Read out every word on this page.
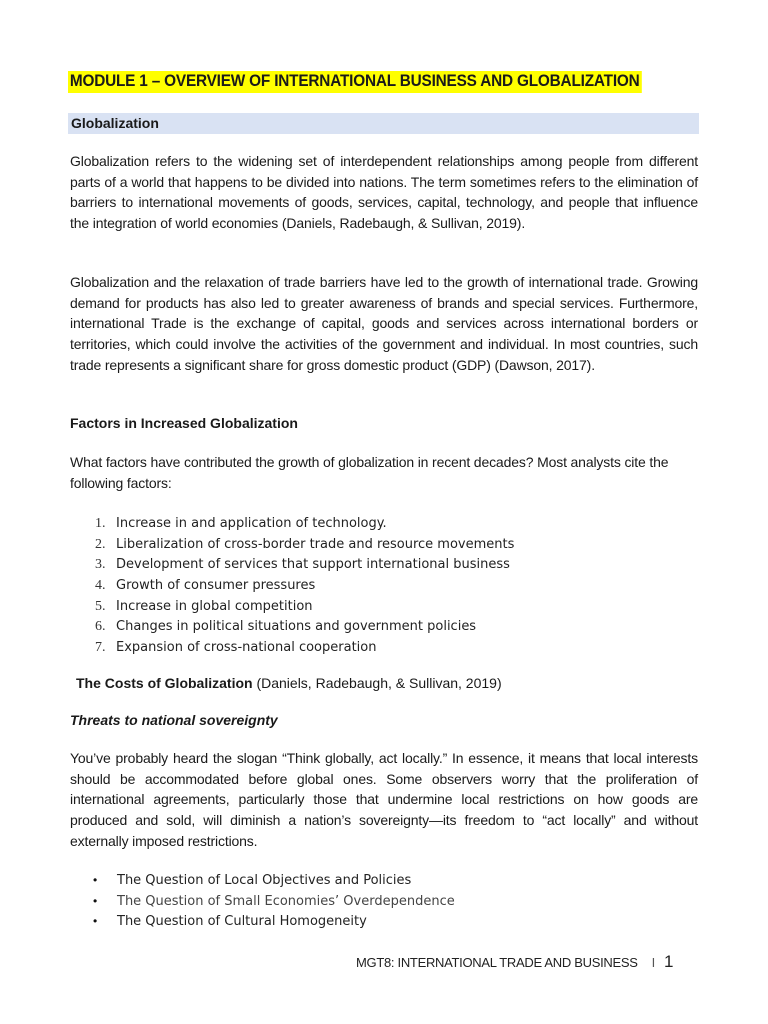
MODULE 1 – OVERVIEW OF INTERNATIONAL BUSINESS AND GLOBALIZATION
Globalization

Globalization refers to the widening set of interdependent relationships among people from different parts of a world that happens to be divided into nations. The term sometimes refers to the elimination of barriers to international movements of goods, services, capital, technology, and people that influence the integration of world economies (Daniels, Radebaugh, & Sullivan, 2019).

Globalization and the relaxation of trade barriers have led to the growth of international trade. Growing demand for products has also led to greater awareness of brands and special services. Furthermore, international Trade is the exchange of capital, goods and services across international borders or territories, which could involve the activities of the government and individual. In most countries, such trade represents a significant share for gross domestic product (GDP) (Dawson, 2017).

Factors in Increased Globalization

What factors have contributed the growth of globalization in recent decades? Most analysts cite the following factors:

1. Increase in and application of technology.
2. Liberalization of cross-border trade and resource movements
3. Development of services that support international business
4. Growth of consumer pressures
5. Increase in global competition
6. Changes in political situations and government policies
7. Expansion of cross-national cooperation
The Costs of Globalization (Daniels, Radebaugh, & Sullivan, 2019)
Threats to national sovereignty

You’ve probably heard the slogan “Think globally, act locally.” In essence, it means that local interests should be accommodated before global ones. Some observers worry that the proliferation of international agreements, particularly those that undermine local restrictions on how goods are produced and sold, will diminish a nation’s sovereignty—its freedom to “act locally” and without externally imposed restrictions.

• The Question of Local Objectives and Policies
• The Question of Small Economies’ Overdependence
• The Question of Cultural Homogeneity
MGT8: INTERNATIONAL TRADE AND BUSINESS I 1
